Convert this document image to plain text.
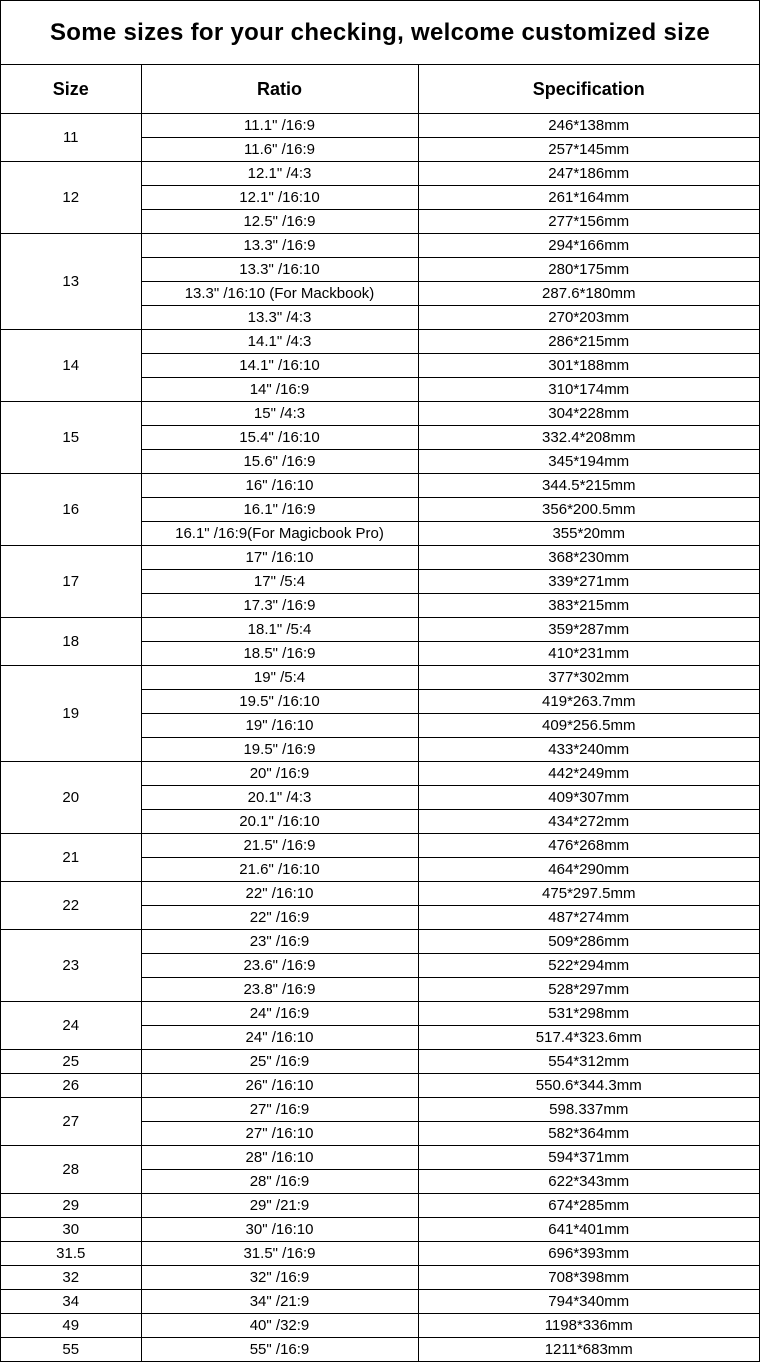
Some sizes for your checking, welcome customized size
Size	Ratio	Specification
11	11.1" /16:9	246*138mm
	11.6" /16:9	257*145mm
12	12.1" /4:3	247*186mm
	12.1" /16:10	261*164mm
	12.5" /16:9	277*156mm
13	13.3" /16:9	294*166mm
	13.3" /16:10	280*175mm
	13.3" /16:10 (For Mackbook)	287.6*180mm
	13.3" /4:3	270*203mm
14	14.1" /4:3	286*215mm
	14.1" /16:10	301*188mm
	14" /16:9	310*174mm
15	15" /4:3	304*228mm
	15.4" /16:10	332.4*208mm
	15.6" /16:9	345*194mm
16	16" /16:10	344.5*215mm
	16.1" /16:9	356*200.5mm
	16.1" /16:9(For Magicbook Pro)	355*20mm
17	17" /16:10	368*230mm
	17" /5:4	339*271mm
	17.3" /16:9	383*215mm
18	18.1" /5:4	359*287mm
	18.5" /16:9	410*231mm
19	19" /5:4	377*302mm
	19.5" /16:10	419*263.7mm
	19" /16:10	409*256.5mm
	19.5" /16:9	433*240mm
20	20" /16:9	442*249mm
	20.1" /4:3	409*307mm
	20.1" /16:10	434*272mm
21	21.5" /16:9	476*268mm
	21.6" /16:10	464*290mm
22	22" /16:10	475*297.5mm
	22" /16:9	487*274mm
23	23" /16:9	509*286mm
	23.6" /16:9	522*294mm
	23.8" /16:9	528*297mm
24	24" /16:9	531*298mm
	24" /16:10	517.4*323.6mm
25	25" /16:9	554*312mm
26	26" /16:10	550.6*344.3mm
27	27" /16:9	598.337mm
	27" /16:10	582*364mm
28	28" /16:10	594*371mm
	28" /16:9	622*343mm
29	29" /21:9	674*285mm
30	30" /16:10	641*401mm
31.5	31.5" /16:9	696*393mm
32	32" /16:9	708*398mm
34	34" /21:9	794*340mm
49	40" /32:9	1198*336mm
55	55" /16:9	1211*683mm
